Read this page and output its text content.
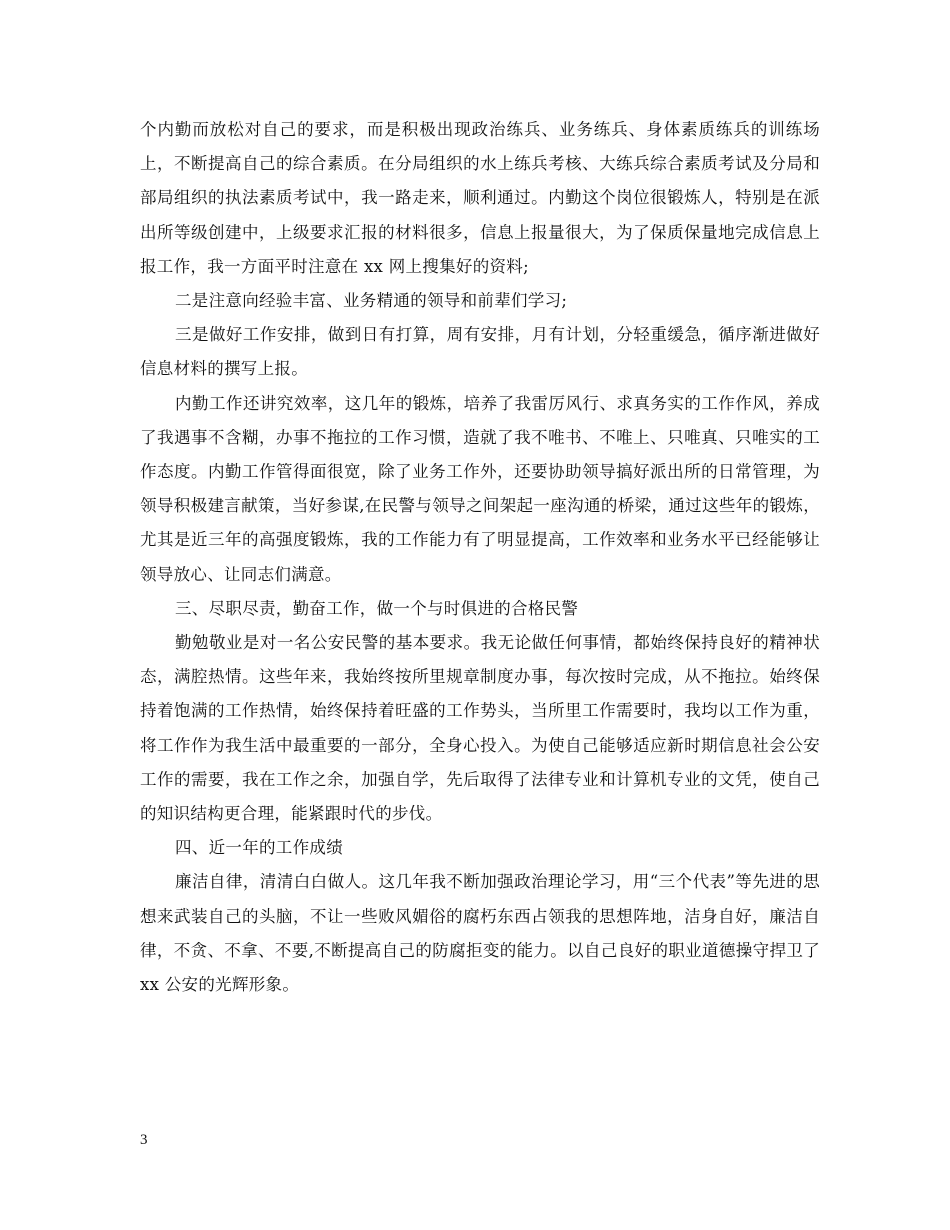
个内勤而放松对自己的要求，而是积极出现政治练兵、业务练兵、身体素质练兵的训练场上，不断提高自己的综合素质。在分局组织的水上练兵考核、大练兵综合素质考试及分局和部局组织的执法素质考试中，我一路走来，顺利通过。内勤这个岗位很锻炼人，特别是在派出所等级创建中，上级要求汇报的材料很多，信息上报量很大，为了保质保量地完成信息上报工作，我一方面平时注意在 xx 网上搜集好的资料;

二是注意向经验丰富、业务精通的领导和前辈们学习;

三是做好工作安排，做到日有打算，周有安排，月有计划，分轻重缓急，循序渐进做好信息材料的撰写上报。

内勤工作还讲究效率，这几年的锻炼，培养了我雷厉风行、求真务实的工作作风，养成了我遇事不含糊，办事不拖拉的工作习惯，造就了我不唯书、不唯上、只唯真、只唯实的工作态度。内勤工作管得面很宽，除了业务工作外，还要协助领导搞好派出所的日常管理，为领导积极建言献策，当好参谋,在民警与领导之间架起一座沟通的桥梁，通过这些年的锻炼，尤其是近三年的高强度锻炼，我的工作能力有了明显提高，工作效率和业务水平已经能够让领导放心、让同志们满意。

三、尽职尽责，勤奋工作，做一个与时俱进的合格民警

勤勉敬业是对一名公安民警的基本要求。我无论做任何事情，都始终保持良好的精神状态，满腔热情。这些年来，我始终按所里规章制度办事，每次按时完成，从不拖拉。始终保持着饱满的工作热情，始终保持着旺盛的工作势头，当所里工作需要时，我均以工作为重，将工作作为我生活中最重要的一部分，全身心投入。为使自己能够适应新时期信息社会公安工作的需要，我在工作之余，加强自学，先后取得了法律专业和计算机专业的文凭，使自己的知识结构更合理，能紧跟时代的步伐。

四、近一年的工作成绩

廉洁自律，清清白白做人。这几年我不断加强政治理论学习，用“三个代表”等先进的思想来武装自己的头脑，不让一些败风媚俗的腐朽东西占领我的思想阵地，洁身自好，廉洁自律，不贪、不拿、不要,不断提高自己的防腐拒变的能力。以自己良好的职业道德操守捍卫了 xx 公安的光辉形象。

3
